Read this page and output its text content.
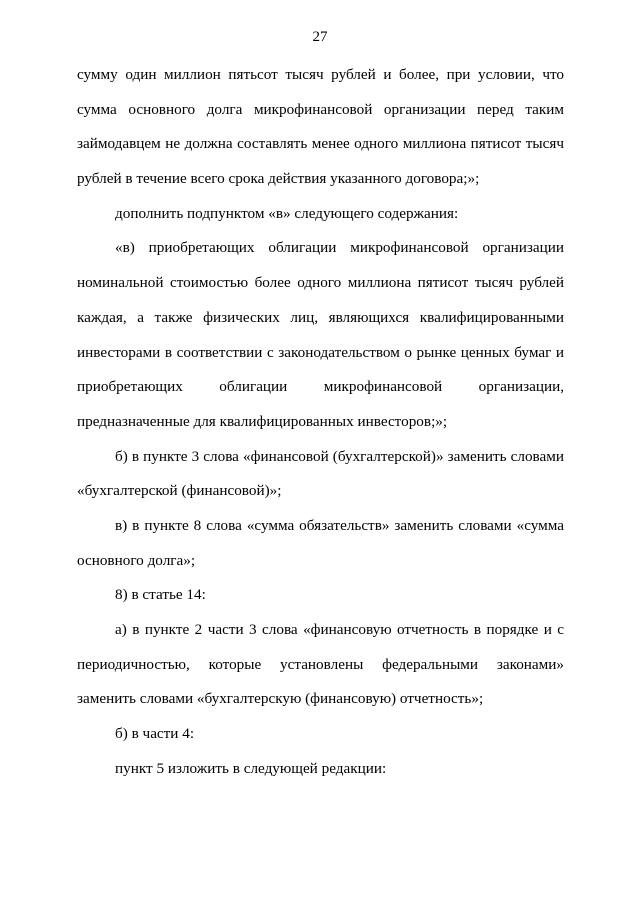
27
сумму один миллион пятьсот тысяч рублей и более, при условии, что
сумма основного долга микрофинансовой организации перед таким
займодавцем не должна составлять менее одного миллиона пятисот тысяч
рублей в течение всего срока действия указанного договора;»;
дополнить подпунктом «в» следующего содержания:
«в) приобретающих облигации микрофинансовой организации
номинальной стоимостью более одного миллиона пятисот тысяч рублей
каждая, а также физических лиц, являющихся квалифицированными
инвесторами в соответствии с законодательством о рынке ценных бумаг и
приобретающих облигации микрофинансовой организации,
предназначенные для квалифицированных инвесторов;»;
б) в пункте 3 слова «финансовой (бухгалтерской)» заменить словами
«бухгалтерской (финансовой)»;
в) в пункте 8 слова «сумма обязательств» заменить словами «сумма
основного долга»;
8) в статье 14:
а) в пункте 2 части 3 слова «финансовую отчетность в порядке и с
периодичностью, которые установлены федеральными законами»
заменить словами «бухгалтерскую (финансовую) отчетность»;
б) в части 4:
пункт 5 изложить в следующей редакции:
